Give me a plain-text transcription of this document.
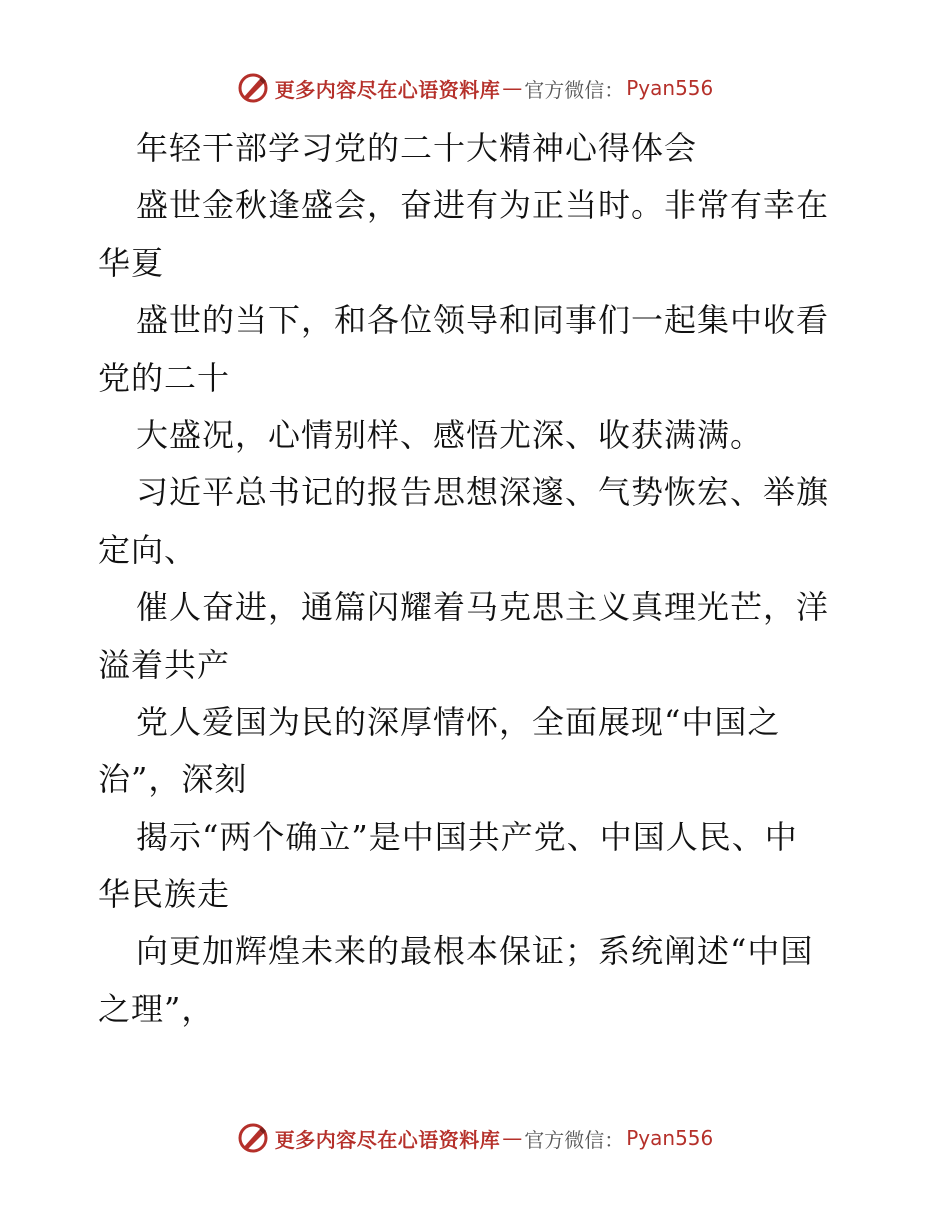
更多内容尽在心语资料库 — 官方微信： Pyan556
年轻干部学习党的二十大精神心得体会
盛世金秋逢盛会，奋进有为正当时。非常有幸在
华夏
盛世的当下，和各位领导和同事们一起集中收看
党的二十
大盛况，心情别样、感悟尤深、收获满满。
习近平总书记的报告思想深邃、气势恢宏、举旗
定向、
催人奋进，通篇闪耀着马克思主义真理光芒，洋
溢着共产
党人爱国为民的深厚情怀，全面展现“中国之
治”，深刻
揭示“两个确立”是中国共产党、中国人民、中
华民族走
向更加辉煌未来的最根本保证；系统阐述“中国
之理”，
更多内容尽在心语资料库 — 官方微信： Pyan556
